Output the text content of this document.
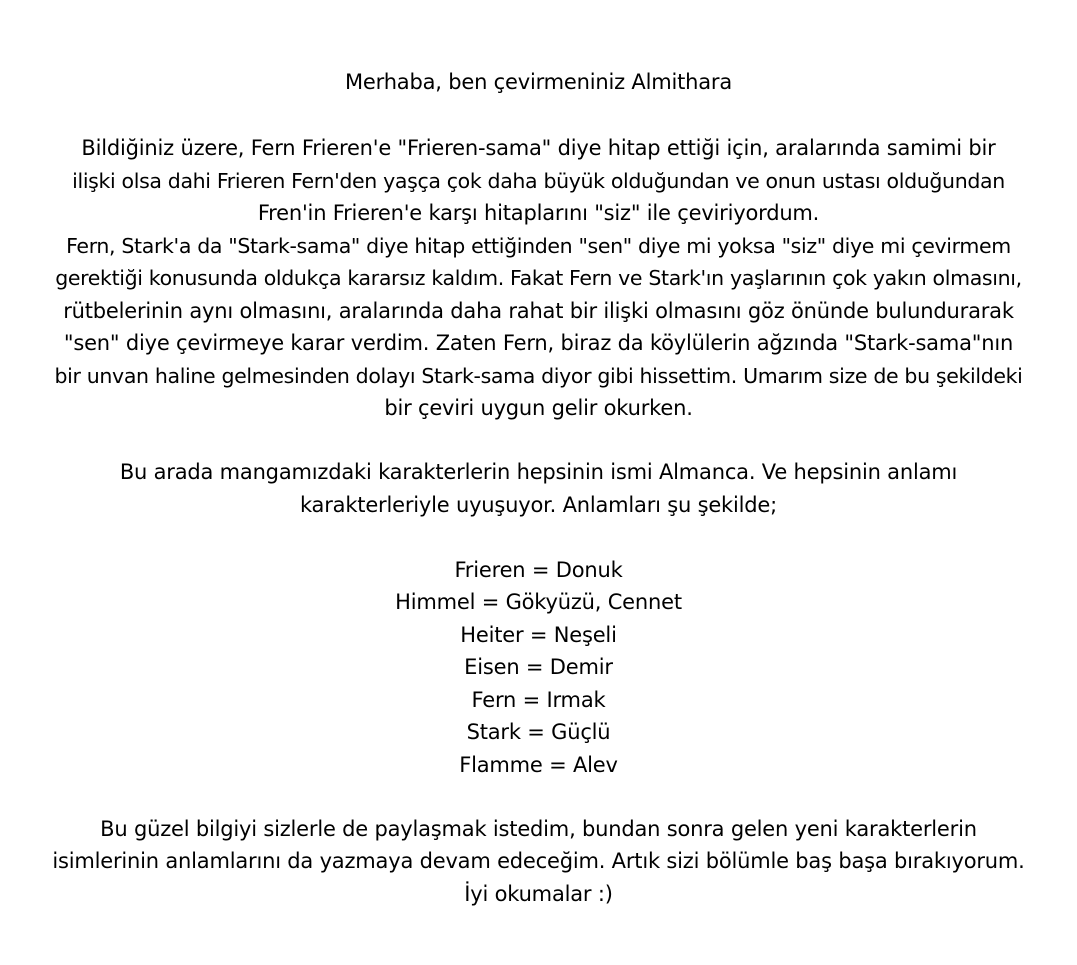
Merhaba, ben çevirmeniniz Almithara
Bildiğiniz üzere, Fern Frieren'e "Frieren-sama" diye hitap ettiği için, aralarında samimi bir
ilişki olsa dahi Frieren Fern'den yaşça çok daha büyük olduğundan ve onun ustası olduğundan
Fren'in Frieren'e karşı hitaplarını "siz" ile çeviriyordum.
Fern, Stark'a da "Stark-sama" diye hitap ettiğinden "sen" diye mi yoksa "siz" diye mi çevirmem
gerektiği konusunda oldukça kararsız kaldım. Fakat Fern ve Stark'ın yaşlarının çok yakın olmasını,
rütbelerinin aynı olmasını, aralarında daha rahat bir ilişki olmasını göz önünde bulundurarak
"sen" diye çevirmeye karar verdim. Zaten Fern, biraz da köylülerin ağzında "Stark-sama"nın
bir unvan haline gelmesinden dolayı Stark-sama diyor gibi hissettim. Umarım size de bu şekildeki
bir çeviri uygun gelir okurken.
Bu arada mangamızdaki karakterlerin hepsinin ismi Almanca. Ve hepsinin anlamı
karakterleriyle uyuşuyor. Anlamları şu şekilde;
Frieren = Donuk
Himmel = Gökyüzü, Cennet
Heiter = Neşeli
Eisen = Demir
Fern = Irmak
Stark = Güçlü
Flamme = Alev
Bu güzel bilgiyi sizlerle de paylaşmak istedim, bundan sonra gelen yeni karakterlerin
isimlerinin anlamlarını da yazmaya devam edeceğim. Artık sizi bölümle baş başa bırakıyorum.
İyi okumalar :)
